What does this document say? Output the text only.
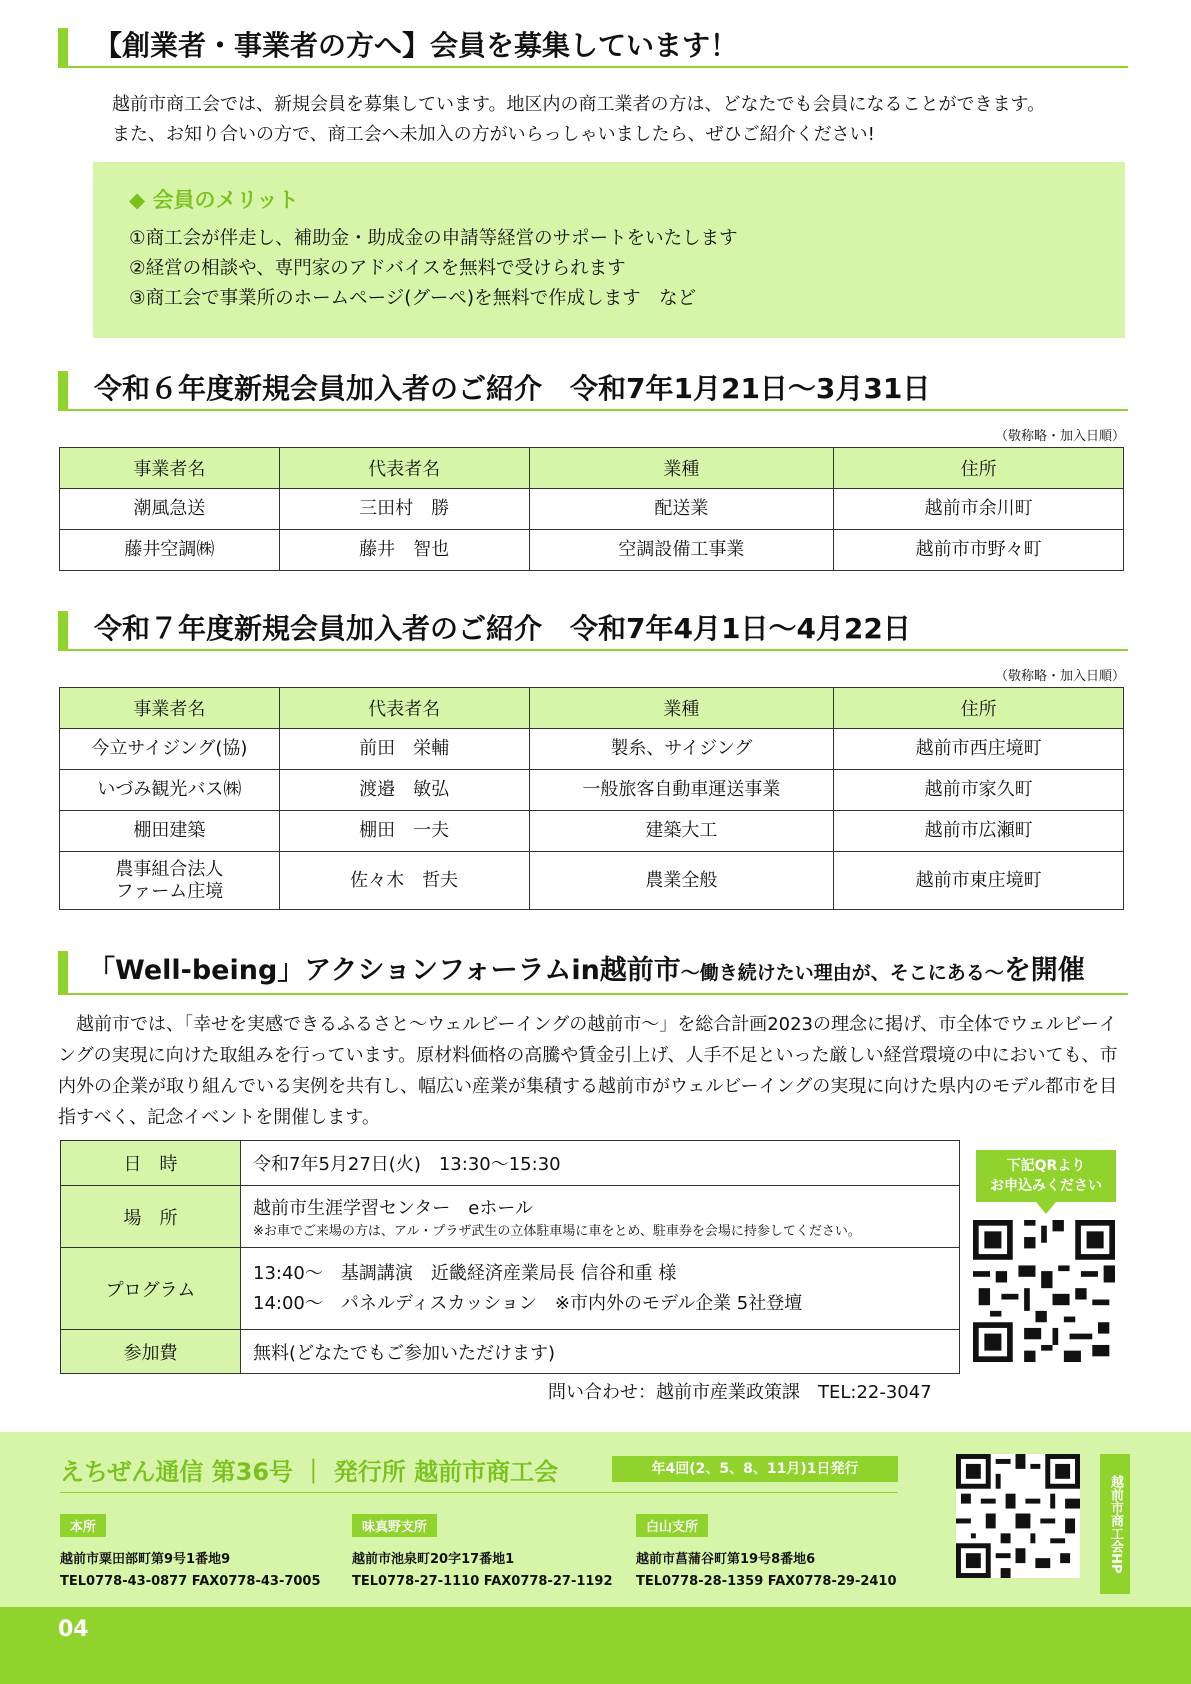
【創業者・事業者の方へ】会員を募集しています！
越前市商工会では、新規会員を募集しています。地区内の商工業者の方は、どなたでも会員になることができます。
また、お知り合いの方で、商工会へ未加入の方がいらっしゃいましたら、ぜひご紹介ください!
◆ 会員のメリット
①商工会が伴走し、補助金・助成金の申請等経営のサポートをいたします
②経営の相談や、専門家のアドバイスを無料で受けられます
③商工会で事業所のホームページ(グーペ)を無料で作成します　など
令和６年度新規会員加入者のご紹介　令和7年1月21日～3月31日
（敬称略・加入日順）
事業者名	代表者名	業種	住所
潮風急送	三田村　勝	配送業	越前市余川町
藤井空調㈱	藤井　智也	空調設備工事業	越前市市野々町
令和７年度新規会員加入者のご紹介　令和7年4月1日～4月22日
（敬称略・加入日順）
事業者名	代表者名	業種	住所
今立サイジング(協)	前田　栄輔	製糸、サイジング	越前市西庄境町
いづみ観光バス㈱	渡邉　敏弘	一般旅客自動車運送事業	越前市家久町
棚田建築	棚田　一夫	建築大工	越前市広瀬町
農事組合法人
ファーム庄境	佐々木　哲夫	農業全般	越前市東庄境町
「Well-being」アクションフォーラムin越前市～働き続けたい理由が、そこにある～を開催
越前市では、「幸せを実感できるふるさと～ウェルビーイングの越前市～」を総合計画2023の理念に掲げ、市全体でウェルビーイングの実現に向けた取組みを行っています。原材料価格の高騰や賃金引上げ、人手不足といった厳しい経営環境の中においても、市内外の企業が取り組んでいる実例を共有し、幅広い産業が集積する越前市がウェルビーイングの実現に向けた県内のモデル都市を目指すべく、記念イベントを開催します。
日　時	令和7年5月27日(火)　13:30～15:30
場　所	越前市生涯学習センター　eホール
※お車でご来場の方は、アル・プラザ武生の立体駐車場に車をとめ、駐車券を会場に持参してください。

プログラム	13:40～　基調講演　近畿経済産業局長 信谷和重 様
14:00～　パネルディスカッション　※市内外のモデル企業 5社登壇

参加費	無料(どなたでもご参加いただけます)
問い合わせ：越前市産業政策課　TEL:22-3047
下記QRより
お申込みください
えちぜん通信 第36号 ｜ 発行所 越前市商工会	年4回(2、5、8、11月)1日発行
本所
越前市粟田部町第9号1番地9
TEL0778-43-0877 FAX0778-43-7005
味真野支所
越前市池泉町20字17番地1
TEL0778-27-1110 FAX0778-27-1192
白山支所
越前市菖蒲谷町第19号8番地6
TEL0778-28-1359 FAX0778-29-2410
越前市商工会HP
04
